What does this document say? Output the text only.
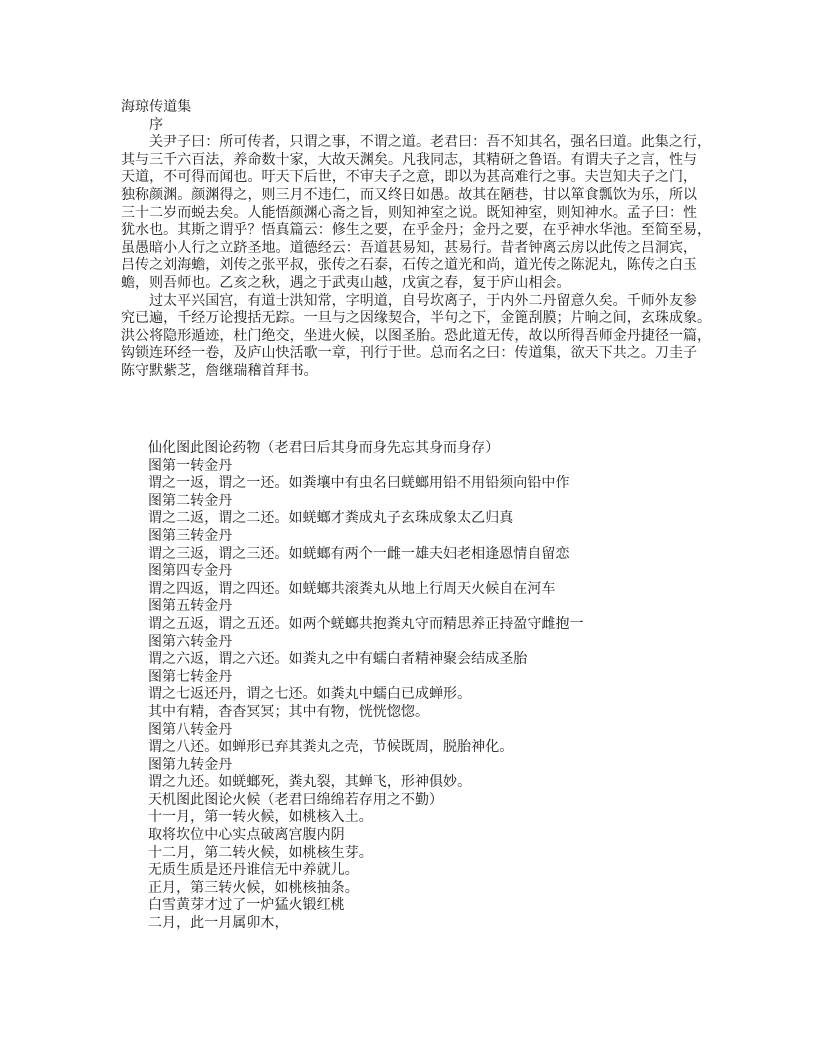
海琼传道集
序
关尹子曰：所可传者，只谓之事，不谓之道。老君曰：吾不知其名，强名曰道。此集之行，
其与三千六百法，养命数十家，大故天渊矣。凡我同志，其精研之鲁语。有谓夫子之言，性与
天道，不可得而闻也。吁天下后世，不审夫子之意，即以为甚高难行之事。夫岂知夫子之门，
独称颜渊。颜渊得之，则三月不违仁，而又终日如愚。故其在陋巷，甘以箪食瓢饮为乐，所以
三十二岁而蜕去矣。人能悟颜渊心斋之旨，则知神室之说。既知神室，则知神水。孟子曰：性
犹水也。其斯之谓乎？悟真篇云：修生之要，在乎金丹；金丹之要，在乎神水华池。至简至易，
虽愚暗小人行之立跻圣地。道德经云：吾道甚易知，甚易行。昔者钟离云房以此传之吕洞宾，
吕传之刘海蟾，刘传之张平叔，张传之石泰，石传之道光和尚，道光传之陈泥丸，陈传之白玉
蟾，则吾师也。乙亥之秋，遇之于武夷山越，戊寅之春，复于庐山相会。
过太平兴国宫，有道士洪知常，字明道，自号坎离子，于内外二丹留意久矣。千师外友参
究已遍，千经万论搜括无踪。一旦与之因缘契合，半句之下，金篦刮膜；片晌之间，玄珠成象。
洪公将隐形遁迹，杜门绝交，坐进火候，以图圣胎。恐此道无传，故以所得吾师金丹捷径一篇，
钩锁连环经一卷，及庐山快活歌一章，刊行于世。总而名之曰：传道集，欲天下共之。刀圭子
陈守默紫芝，詹继瑞稽首拜书。
仙化图此图论药物（老君曰后其身而身先忘其身而身存）
图第一转金丹
谓之一返，谓之一还。如粪壤中有虫名曰蜣螂用铅不用铅须向铅中作
图第二转金丹
谓之二返，谓之二还。如蜣螂才粪成丸子玄珠成象太乙归真
图第三转金丹
谓之三返，谓之三还。如蜣螂有两个一雌一雄夫妇老相逢恩情自留恋
图第四专金丹
谓之四返，谓之四还。如蜣螂共滚粪丸从地上行周天火候自在河车
图第五转金丹
谓之五返，谓之五还。如两个蜣螂共抱粪丸守而精思养正持盈守雌抱一
图第六转金丹
谓之六返，谓之六还。如粪丸之中有蠕白者精神聚会结成圣胎
图第七转金丹
谓之七返还丹，谓之七还。如粪丸中蠕白已成蝉形。
其中有精，杳杳冥冥；其中有物，恍恍惚惚。
图第八转金丹
谓之八还。如蝉形已弃其粪丸之壳，节候既周，脱胎神化。
图第九转金丹
谓之九还。如蜣螂死，粪丸裂，其蝉飞，形神俱妙。
天机图此图论火候（老君曰绵绵若存用之不勤）
十一月，第一转火候，如桃核入土。
取将坎位中心实点破离宫腹内阴
十二月，第二转火候，如桃核生芽。
无质生质是还丹谁信无中养就儿。
正月，第三转火候，如桃核抽条。
白雪黄芽才过了一炉猛火锻红桃
二月，此一月属卯木，
